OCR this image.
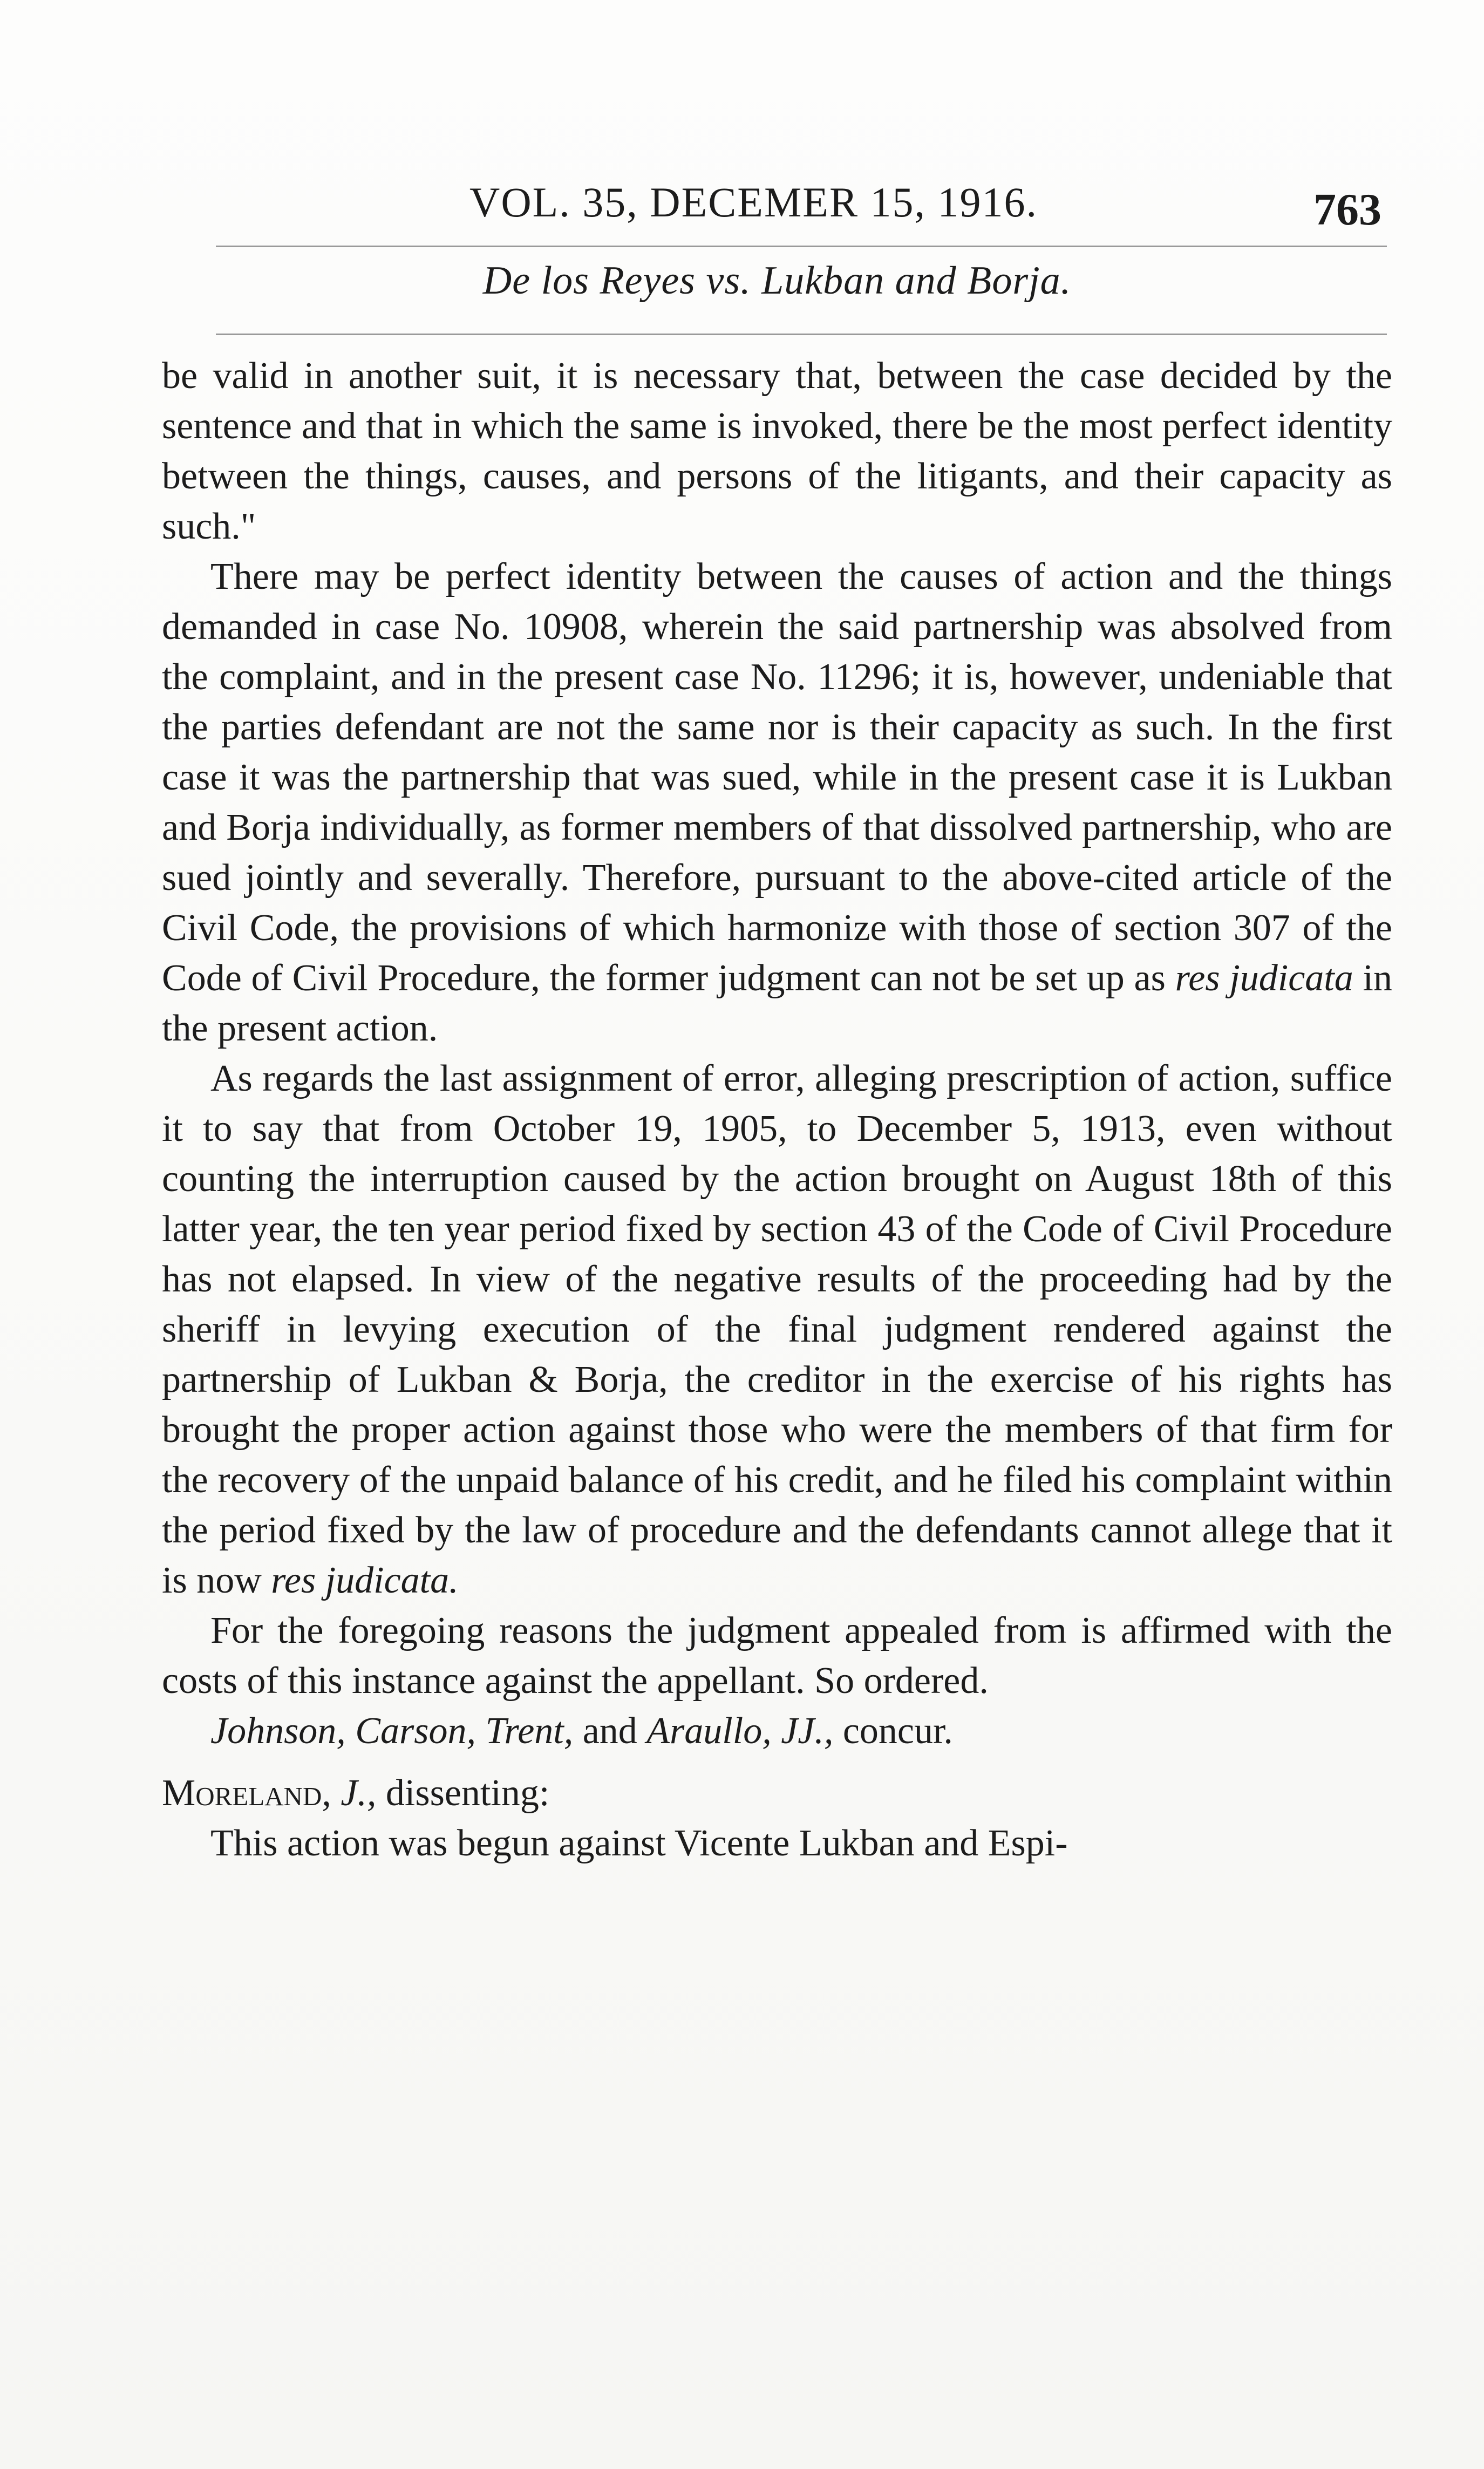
VOL. 35, DECEMER 15, 1916.	763
De los Reyes vs. Lukban and Borja.

be valid in another suit, it is necessary that, between the case decided by the sentence and that in which the same is invoked, there be the most perfect identity between the things, causes, and persons of the litigants, and their capacity as such."

There may be perfect identity between the causes of action and the things demanded in case No. 10908, wherein the said partnership was absolved from the complaint, and in the present case No. 11296; it is, however, undeniable that the parties defendant are not the same nor is their capacity as such. In the first case it was the partnership that was sued, while in the present case it is Lukban and Borja individually, as former members of that dissolved partnership, who are sued jointly and severally. Therefore, pursuant to the above-cited article of the Civil Code, the provisions of which harmonize with those of section 307 of the Code of Civil Procedure, the former judgment can not be set up as res judicata in the present action.

As regards the last assignment of error, alleging prescription of action, suffice it to say that from October 19, 1905, to December 5, 1913, even without counting the interruption caused by the action brought on August 18th of this latter year, the ten year period fixed by section 43 of the Code of Civil Procedure has not elapsed. In view of the negative results of the proceeding had by the sheriff in levying execution of the final judgment rendered against the partnership of Lukban & Borja, the creditor in the exercise of his rights has brought the proper action against those who were the members of that firm for the recovery of the unpaid balance of his credit, and he filed his complaint within the period fixed by the law of procedure and the defendants cannot allege that it is now res judicata.

For the foregoing reasons the judgment appealed from is affirmed with the costs of this instance against the appellant. So ordered.

Johnson, Carson, Trent, and Araullo, JJ., concur.

Moreland, J., dissenting:

This action was begun against Vicente Lukban and Espi-
